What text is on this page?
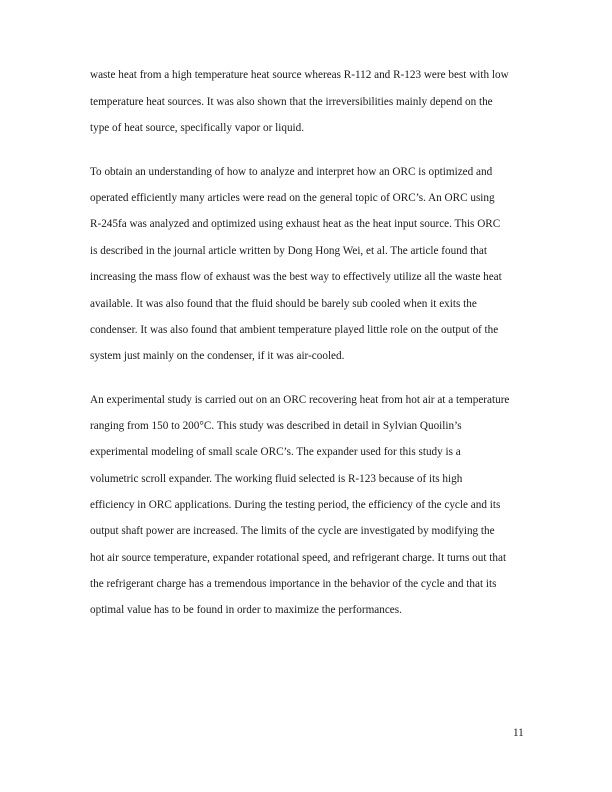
waste heat from a high temperature heat source whereas R-112 and R-123 were best with low
temperature heat sources. It was also shown that the irreversibilities mainly depend on the
type of heat source, specifically vapor or liquid.
To obtain an understanding of how to analyze and interpret how an ORC is optimized and
operated efficiently many articles were read on the general topic of ORC’s. An ORC using
R-245fa was analyzed and optimized using exhaust heat as the heat input source. This ORC
is described in the journal article written by Dong Hong Wei, et al. The article found that
increasing the mass flow of exhaust was the best way to effectively utilize all the waste heat
available. It was also found that the fluid should be barely sub cooled when it exits the
condenser. It was also found that ambient temperature played little role on the output of the
system just mainly on the condenser, if it was air-cooled.
An experimental study is carried out on an ORC recovering heat from hot air at a temperature
ranging from 150 to 200°C. This study was described in detail in Sylvian Quoilin’s
experimental modeling of small scale ORC’s. The expander used for this study is a
volumetric scroll expander. The working fluid selected is R-123 because of its high
efficiency in ORC applications. During the testing period, the efficiency of the cycle and its
output shaft power are increased. The limits of the cycle are investigated by modifying the
hot air source temperature, expander rotational speed, and refrigerant charge. It turns out that
the refrigerant charge has a tremendous importance in the behavior of the cycle and that its
optimal value has to be found in order to maximize the performances.
11
